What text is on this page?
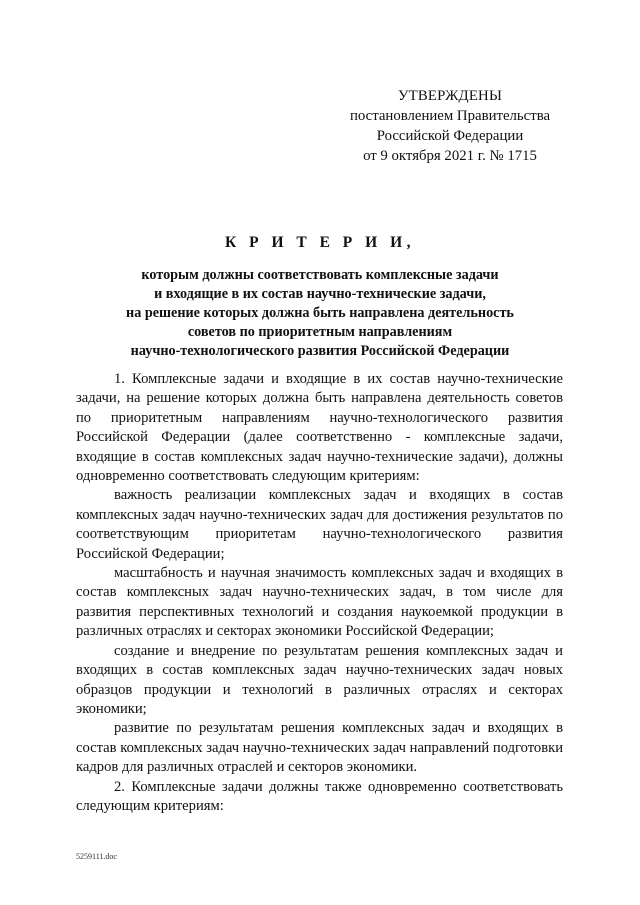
УТВЕРЖДЕНЫ
постановлением Правительства
Российской Федерации
от 9 октября 2021 г. № 1715
К Р И Т Е Р И И,
которым должны соответствовать комплексные задачи
и входящие в их состав научно-технические задачи,
на решение которых должна быть направлена деятельность
советов по приоритетным направлениям
научно-технологического развития Российской Федерации

1. Комплексные задачи и входящие в их состав научно-технические задачи, на решение которых должна быть направлена деятельность советов по приоритетным направлениям научно-технологического развития Российской Федерации (далее соответственно - комплексные задачи, входящие в состав комплексных задач научно-технические задачи), должны одновременно соответствовать следующим критериям:

важность реализации комплексных задач и входящих в состав комплексных задач научно-технических задач для достижения результатов по соответствующим приоритетам научно-технологического развития Российской Федерации;

масштабность и научная значимость комплексных задач и входящих в состав комплексных задач научно-технических задач, в том числе для развития перспективных технологий и создания наукоемкой продукции в различных отраслях и секторах экономики Российской Федерации;

создание и внедрение по результатам решения комплексных задач и входящих в состав комплексных задач научно-технических задач новых образцов продукции и технологий в различных отраслях и секторах экономики;

развитие по результатам решения комплексных задач и входящих в состав комплексных задач научно-технических задач направлений подготовки кадров для различных отраслей и секторов экономики.

2. Комплексные задачи должны также одновременно соответствовать следующим критериям:

5259111.doc
